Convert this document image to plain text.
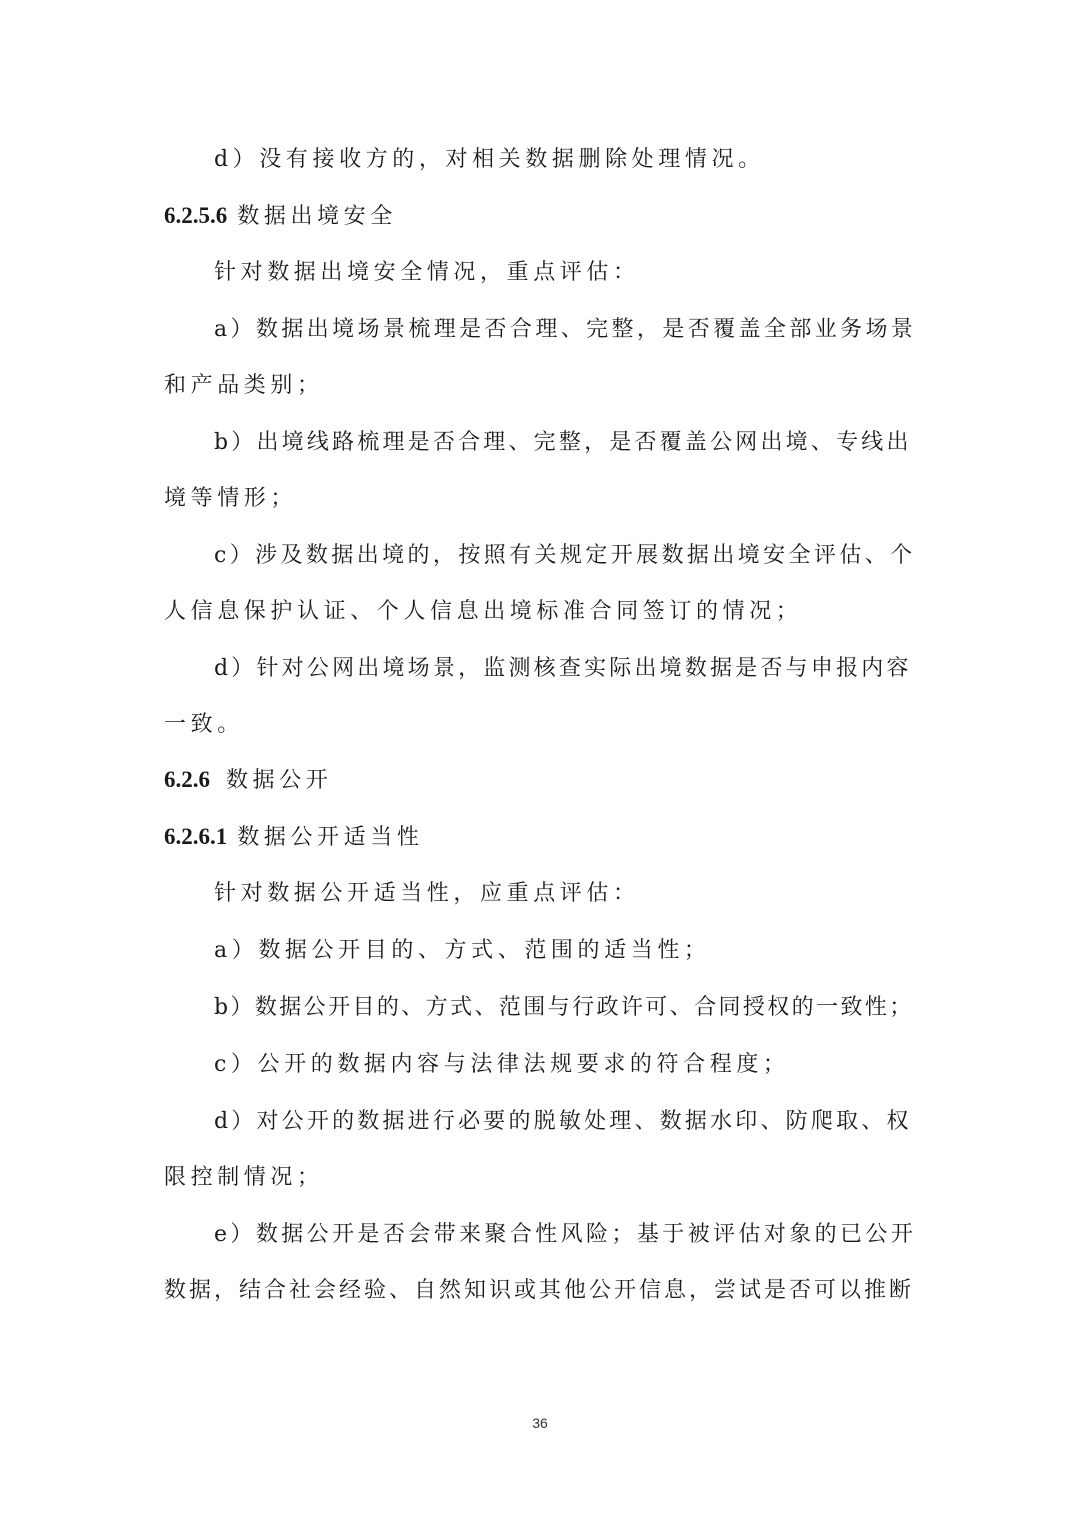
d）没有接收方的，对相关数据删除处理情况。
6.2.5.6 数据出境安全
针对数据出境安全情况，重点评估：
a）数据出境场景梳理是否合理、完整，是否覆盖全部业务场景
和产品类别；
b）出境线路梳理是否合理、完整，是否覆盖公网出境、专线出
境等情形；
c）涉及数据出境的，按照有关规定开展数据出境安全评估、个
人信息保护认证、个人信息出境标准合同签订的情况；
d）针对公网出境场景，监测核查实际出境数据是否与申报内容
一致。
6.2.6 数据公开
6.2.6.1 数据公开适当性
针对数据公开适当性，应重点评估：
a）数据公开目的、方式、范围的适当性；
b）数据公开目的、方式、范围与行政许可、合同授权的一致性；
c）公开的数据内容与法律法规要求的符合程度；
d）对公开的数据进行必要的脱敏处理、数据水印、防爬取、权
限控制情况；
e）数据公开是否会带来聚合性风险；基于被评估对象的已公开
数据，结合社会经验、自然知识或其他公开信息，尝试是否可以推断
36
